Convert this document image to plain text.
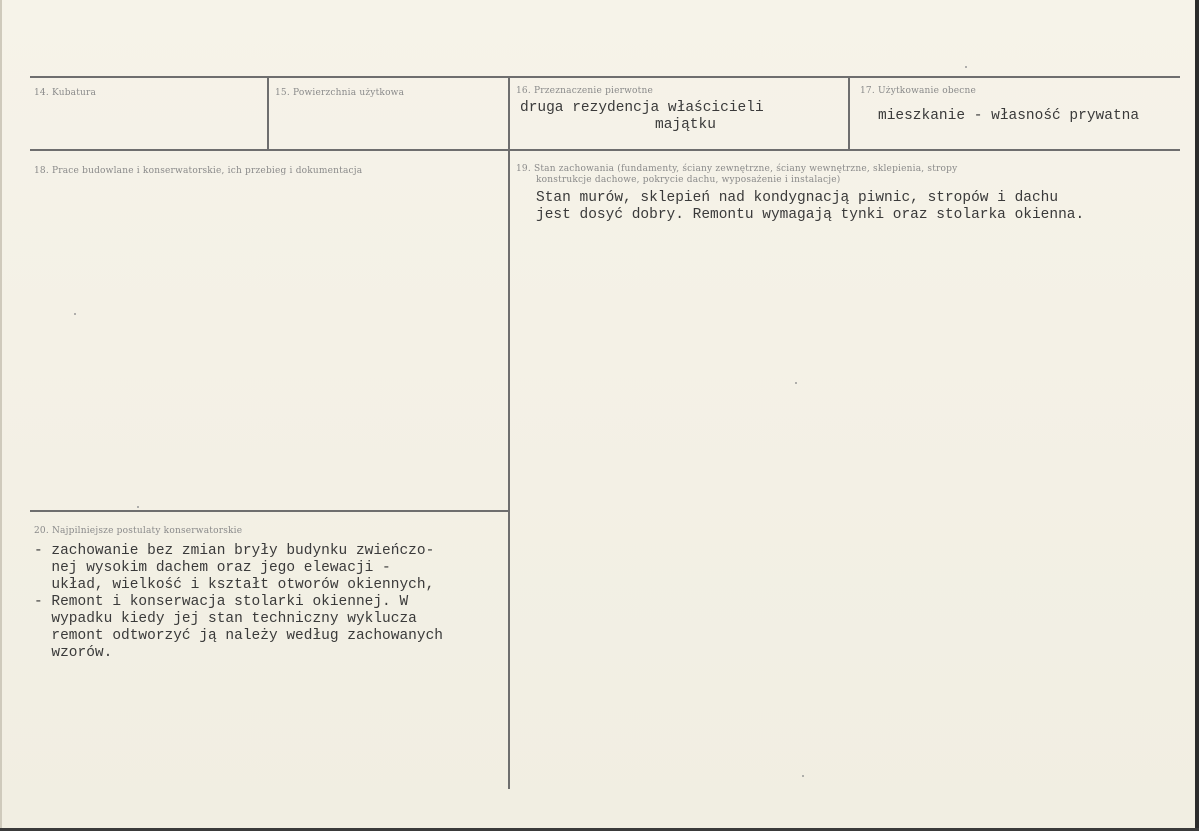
14. Kubatura	15. Powierzchnia użytkowa	16. Przeznaczenie pierwotne
druga rezydencja właścicieli
majątku
17. Użytkowanie obecne
mieszkanie - własność prywatna
18. Prace budowlane i konserwatorskie, ich przebieg i dokumentacja	19. Stan zachowania (fundamenty, ściany zewnętrzne, ściany wewnętrzne, sklepienia, stropy
konstrukcje dachowe, pokrycie dachu, wyposażenie i instalacje)
Stan murów, sklepień nad kondygnacją piwnic, stropów i dachu
jest dosyć dobry. Remontu wymagają tynki oraz stolarka okienna.
20. Najpilniejsze postulaty konserwatorskie
- zachowanie bez zmian bryły budynku zwieńczo-
nej wysokim dachem oraz jego elewacji -
układ, wielkość i kształt otworów okiennych,
- Remont i konserwacja stolarki okiennej. W
wypadku kiedy jej stan techniczny wyklucza
remont odtworzyć ją należy według zachowanych
wzorów.
